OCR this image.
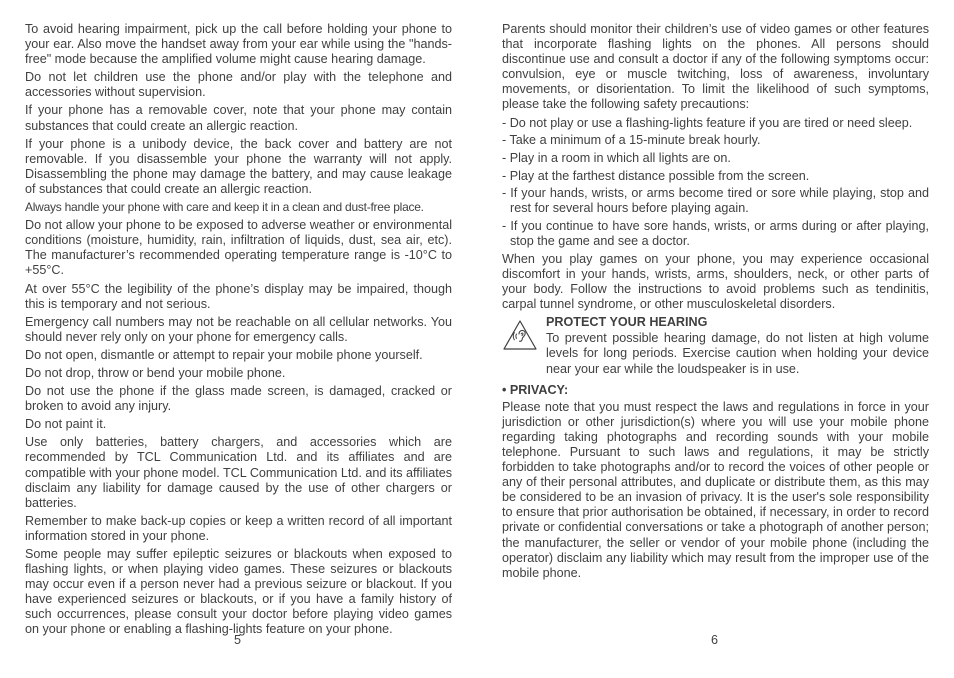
To avoid hearing impairment, pick up the call before holding your phone to your ear. Also move the handset away from your ear while using the "hands-free" mode because the amplified volume might cause hearing damage.

Do not let children use the phone and/or play with the telephone and accessories without supervision.

If your phone has a removable cover, note that your phone may contain substances that could create an allergic reaction.

If your phone is a unibody device, the back cover and battery are not removable. If you disassemble your phone the warranty will not apply. Disassembling the phone may damage the battery, and may cause leakage of substances that could create an allergic reaction.

Always handle your phone with care and keep it in a clean and dust-free place.

Do not allow your phone to be exposed to adverse weather or environmental conditions (moisture, humidity, rain, infiltration of liquids, dust, sea air, etc). The manufacturer’s recommended operating temperature range is -10°C to +55°C.

At over 55°C the legibility of the phone’s display may be impaired, though this is temporary and not serious.

Emergency call numbers may not be reachable on all cellular networks. You should never rely only on your phone for emergency calls.

Do not open, dismantle or attempt to repair your mobile phone yourself.

Do not drop, throw or bend your mobile phone.

Do not use the phone if the glass made screen, is damaged, cracked or broken to avoid any injury.

Do not paint it.

Use only batteries, battery chargers, and accessories which are recommended by TCL Communication Ltd. and its affiliates and are compatible with your phone model. TCL Communication Ltd. and its affiliates disclaim any liability for damage caused by the use of other chargers or batteries.

Remember to make back-up copies or keep a written record of all important information stored in your phone.

Some people may suffer epileptic seizures or blackouts when exposed to flashing lights, or when playing video games. These seizures or blackouts may occur even if a person never had a previous seizure or blackout. If you have experienced seizures or blackouts, or if you have a family history of such occurrences, please consult your doctor before playing video games on your phone or enabling a flashing-lights feature on your phone.

Parents should monitor their children’s use of video games or other features that incorporate flashing lights on the phones. All persons should discontinue use and consult a doctor if any of the following symptoms occur: convulsion, eye or muscle twitching, loss of awareness, involuntary movements, or disorientation. To limit the likelihood of such symptoms, please take the following safety precautions:

- Do not play or use a flashing-lights feature if you are tired or need sleep.
- Take a minimum of a 15-minute break hourly.
- Play in a room in which all lights are on.
- Play at the farthest distance possible from the screen.
- If your hands, wrists, or arms become tired or sore while playing, stop and rest for several hours before playing again.
- If you continue to have sore hands, wrists, or arms during or after playing, stop the game and see a doctor.

When you play games on your phone, you may experience occasional discomfort in your hands, wrists, arms, shoulders, neck, or other parts of your body. Follow the instructions to avoid problems such as tendinitis, carpal tunnel syndrome, or other musculoskeletal disorders.

PROTECT YOUR HEARING

To prevent possible hearing damage, do not listen at high volume levels for long periods. Exercise caution when holding your device near your ear while the loudspeaker is in use.

• PRIVACY:

Please note that you must respect the laws and regulations in force in your jurisdiction or other jurisdiction(s) where you will use your mobile phone regarding taking photographs and recording sounds with your mobile telephone. Pursuant to such laws and regulations, it may be strictly forbidden to take photographs and/or to record the voices of other people or any of their personal attributes, and duplicate or distribute them, as this may be considered to be an invasion of privacy. It is the user's sole responsibility to ensure that prior authorisation be obtained, if necessary, in order to record private or confidential conversations or take a photograph of another person; the manufacturer, the seller or vendor of your mobile phone (including the operator) disclaim any liability which may result from the improper use of the mobile phone.

5	6
